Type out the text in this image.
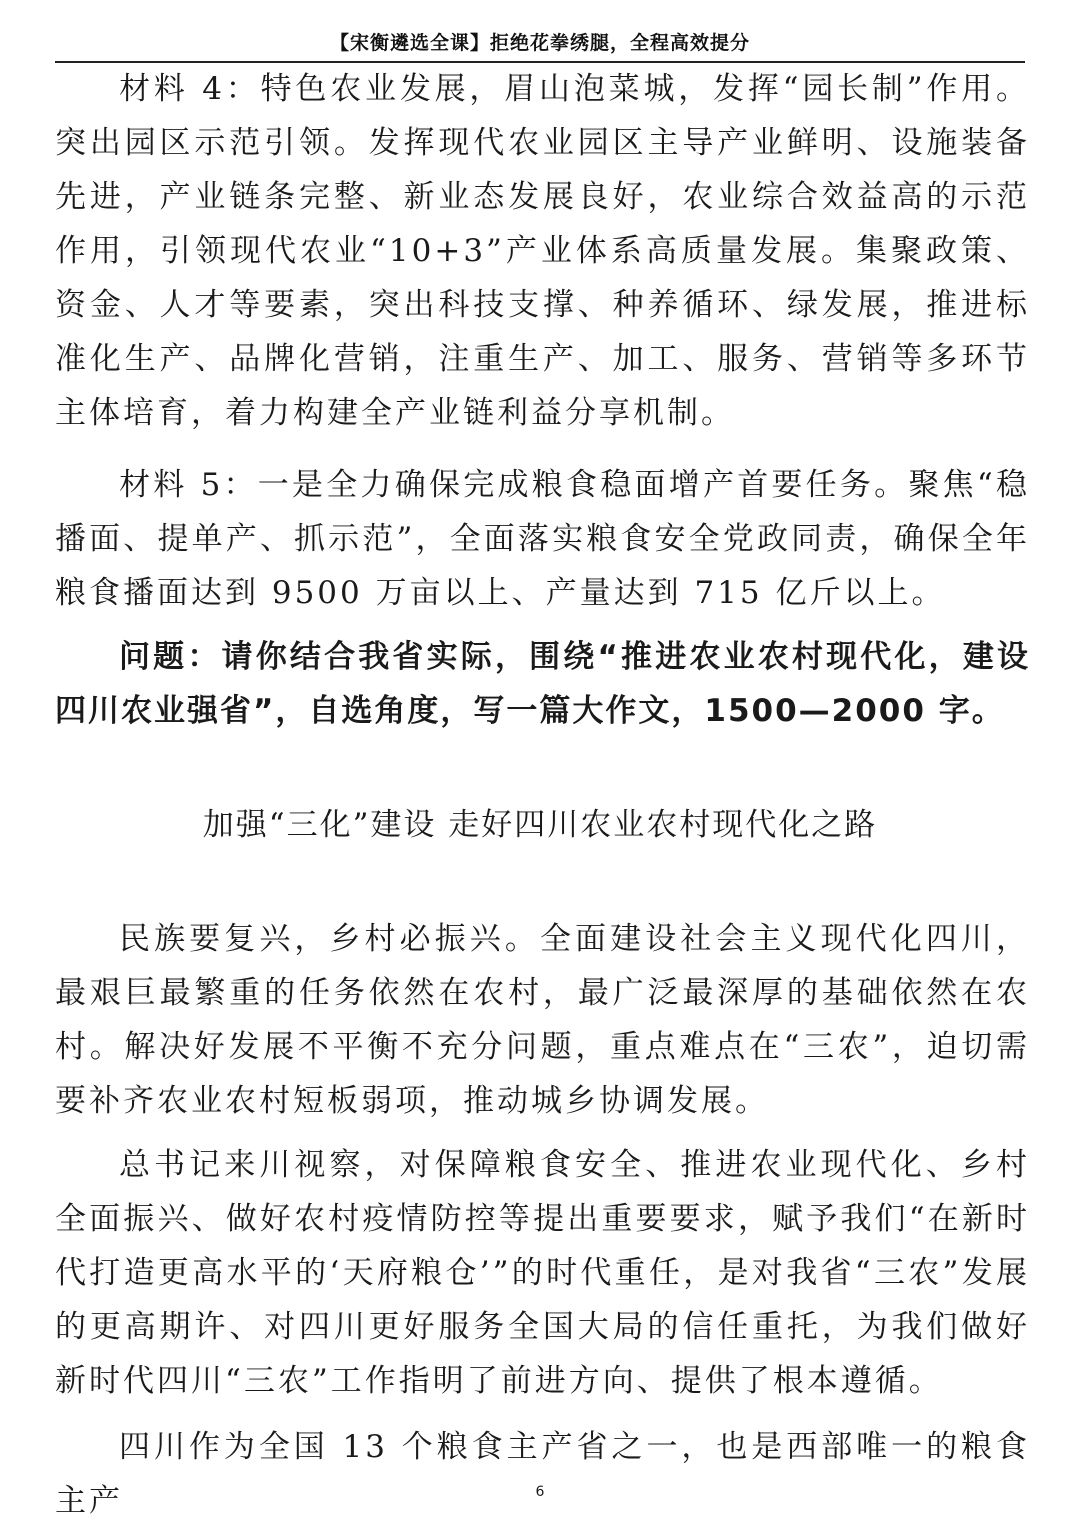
【宋衡遴选全课】拒绝花拳绣腿，全程高效提分

材料 4：特色农业发展，眉山泡菜城，发挥“园长制”作用。突出园区示范引领。发挥现代农业园区主导产业鲜明、设施装备先进，产业链条完整、新业态发展良好，农业综合效益高的示范作用，引领现代农业“10+3”产业体系高质量发展。集聚政策、资金、人才等要素，突出科技支撑、种养循环、绿发展，推进标准化生产、品牌化营销，注重生产、加工、服务、营销等多环节主体培育，着力构建全产业链利益分享机制。

材料 5：一是全力确保完成粮食稳面增产首要任务。聚焦“稳播面、提单产、抓示范”，全面落实粮食安全党政同责，确保全年粮食播面达到 9500 万亩以上、产量达到 715 亿斤以上。

问题：请你结合我省实际，围绕“推进农业农村现代化，建设四川农业强省”，自选角度，写一篇大作文，1500—2000 字。

加强“三化”建设 走好四川农业农村现代化之路

民族要复兴，乡村必振兴。全面建设社会主义现代化四川，最艰巨最繁重的任务依然在农村，最广泛最深厚的基础依然在农村。解决好发展不平衡不充分问题，重点难点在“三农”，迫切需要补齐农业农村短板弱项，推动城乡协调发展。

总书记来川视察，对保障粮食安全、推进农业现代化、乡村全面振兴、做好农村疫情防控等提出重要要求，赋予我们“在新时代打造更高水平的‘天府粮仓’”的时代重任，是对我省“三农”发展的更高期许、对四川更好服务全国大局的信任重托，为我们做好新时代四川“三农”工作指明了前进方向、提供了根本遵循。

四川作为全国 13 个粮食主产省之一，也是西部唯一的粮食主产	6
